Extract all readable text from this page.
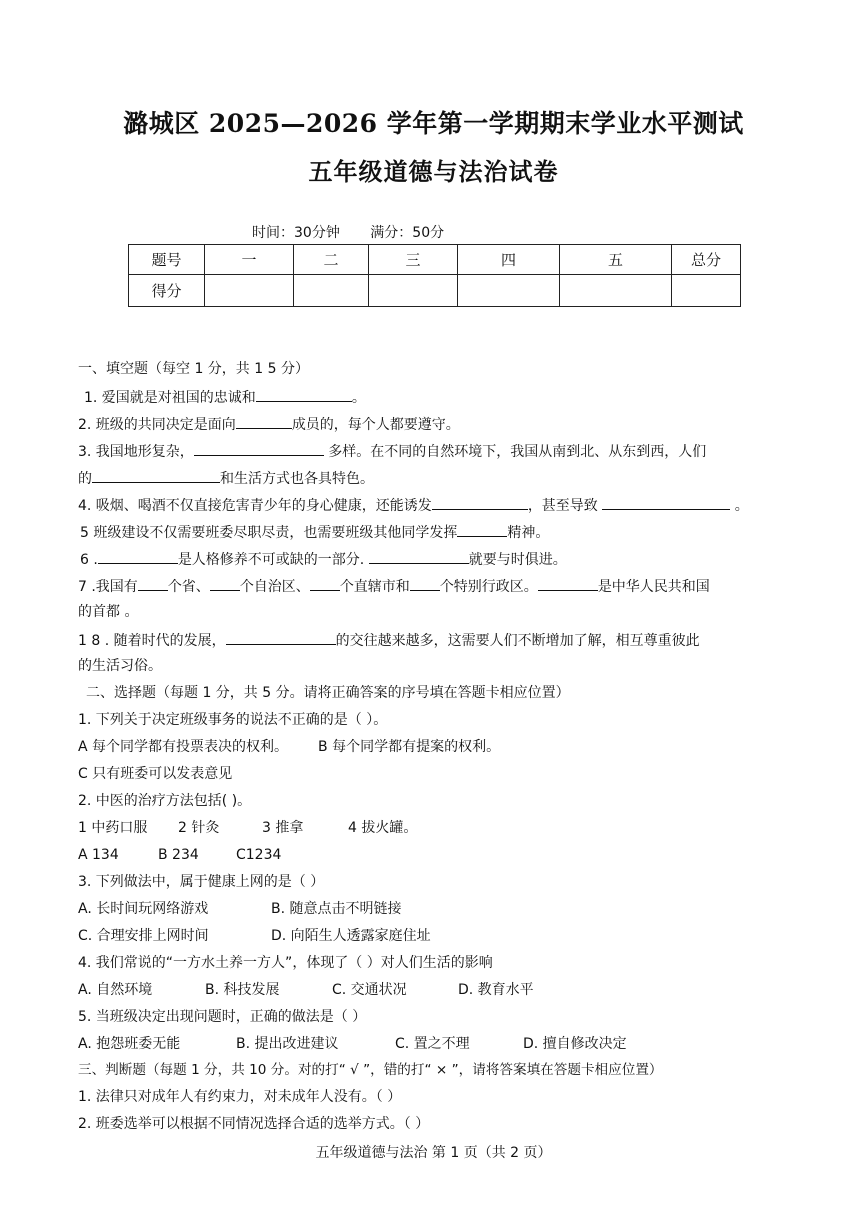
潞城区 2025—2026 学年第一学期期末学业水平测试
五年级道德与法治试卷
时间：30分钟 满分：50分
题号	一	二	三	四	五	总分
得分						
一、填空题（每空 1 分，共 1 5 分）
1. 爱国就是对祖国的忠诚和	。
2. 班级的共同决定是面向	成员的，每个人都要遵守。
3. 我国地形复杂，	多样。在不同的自然环境下，我国从南到北、从东到西，人们
的	和生活方式也各具特色。
4. 吸烟、喝酒不仅直接危害青少年的身心健康，还能诱发	，甚至导致	。
5 班级建设不仅需要班委尽职尽责，也需要班级其他同学发挥	精神。
6 .	是人格修养不可或缺的一部分.	就要与时俱进。
7 .我国有 个省、 个自治区、 个直辖市和 个特别行政区。	是中华人民共和国
的首都 。
1 8 . 随着时代的发展，	的交往越来越多，这需要人们不断增加了解，相互尊重彼此
的生活习俗。
二、选择题（每题 1 分，共 5 分。请将正确答案的序号填在答题卡相应位置）
1. 下列关于决定班级事务的说法不正确的是（ ）。
A 每个同学都有投票表决的权利。 B 每个同学都有提案的权利。
C 只有班委可以发表意见
2. 中医的治疗方法包括( )。
1 中药口服 2 针灸	3 推拿	4 拔火罐。
A 134	B 234	C1234
3. 下列做法中，属于健康上网的是（ ）
A. 长时间玩网络游戏	B. 随意点击不明链接
C. 合理安排上网时间	D. 向陌生人透露家庭住址
4. 我们常说的“一方水土养一方人”，体现了（ ）对人们生活的影响
A. 自然环境	B. 科技发展	C. 交通状况	D. 教育水平
5. 当班级决定出现问题时，正确的做法是（ ）
A. 抱怨班委无能	B. 提出改进建议	C. 置之不理	D. 擅自修改决定
三、判断题（每题 1 分，共 10 分。对的打“ √ ”，错的打“ × ”，请将答案填在答题卡相应位置）
1. 法律只对成年人有约束力，对未成年人没有。（ ）
2. 班委选举可以根据不同情况选择合适的选举方式。（ ）
五年级道德与法治 第 1 页（共 2 页）
